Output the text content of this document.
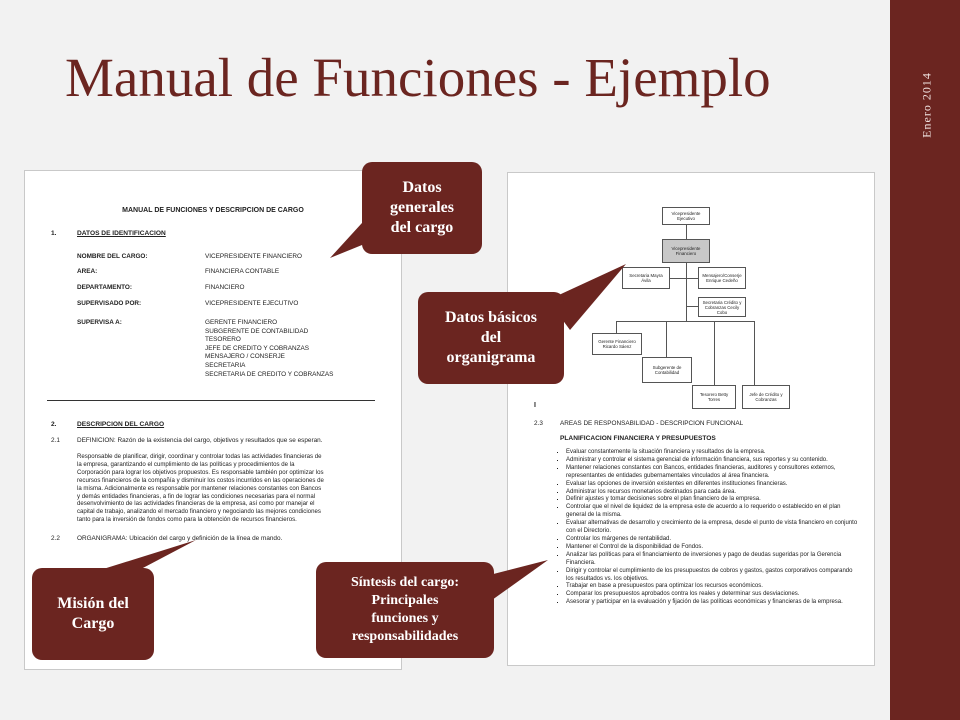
Enero 2014
Manual de Funciones - Ejemplo
MANUAL DE FUNCIONES Y DESCRIPCION DE CARGO
1.	DATOS DE IDENTIFICACION
NOMBRE DEL CARGO:	VICEPRESIDENTE FINANCIERO
AREA:	FINANCIERA CONTABLE
DEPARTAMENTO:	FINANCIERO
SUPERVISADO POR:	VICEPRESIDENTE EJECUTIVO
SUPERVISA A:	GERENTE FINANCIERO
SUBGERENTE DE CONTABILIDAD
TESORERO
JEFE DE CREDITO Y COBRANZAS
MENSAJERO / CONSERJE
SECRETARIA
SECRETARIA DE CREDITO Y COBRANZAS
2.	DESCRIPCION DEL CARGO
2.1	DEFINICION: Razón de la existencia del cargo, objetivos y resultados que se esperan.
Responsable de planificar, dirigir, coordinar y controlar todas las actividades financieras de
la empresa, garantizando el cumplimiento de las políticas y procedimientos de la
Corporación para lograr los objetivos propuestos. Es responsable también por optimizar los
recursos financieros de la compañía y disminuir los costos incurridos en las operaciones de
la misma. Adicionalmente es responsable por mantener relaciones constantes con Bancos
y demás entidades financieras, a fin de lograr las condiciones necesarias para el normal
desenvolvimiento de las actividades financieras de la empresa, así como por manejar el
capital de trabajo, analizando el mercado financiero y negociando las mejores condiciones
tanto para la inversión de fondos como para la obtención de recursos financieros.
2.2	ORGANIGRAMA: Ubicación del cargo y definición de la línea de mando.
Vicepresidente Ejecutivo
Vicepresidente Financiero
Secretaria Mayra Ávila
Mensajero/Conserje Enrique Cedeño
Secretaria Crédito y Cobranzas Cecily Cobo
Gerente Financiero Ricardo Sáenz
Subgerente de Contabilidad
Tesorero Betty Torres
Jefe de Crédito y Cobranzas
I
2.3	AREAS DE RESPONSABILIDAD - DESCRIPCION FUNCIONAL
PLANIFICACION FINANCIERA Y PRESUPUESTOS
▪ Evaluar constantemente la situación financiera y resultados de la empresa.
▪ Administrar y controlar el sistema gerencial de información financiera, sus reportes y su contenido.
▪ Mantener relaciones constantes con Bancos, entidades financieras, auditores y consultores externos, representantes de entidades gubernamentales vinculados al área financiera.
▪ Evaluar las opciones de inversión existentes en diferentes instituciones financieras.
▪ Administrar los recursos monetarios destinados para cada área.
▪ Definir ajustes y tomar decisiones sobre el plan financiero de la empresa.
▪ Controlar que el nivel de liquidez de la empresa este de acuerdo a lo requerido o establecido en el plan general de la misma.
▪ Evaluar alternativas de desarrollo y crecimiento de la empresa, desde el punto de vista financiero en conjunto con el Directorio.
▪ Controlar los márgenes de rentabilidad.
▪ Mantener el Control de la disponibilidad de Fondos.
▪ Analizar las políticas para el financiamiento de inversiones y pago de deudas sugeridas por la Gerencia Financiera.
▪ Dirigir y controlar el cumplimiento de los presupuestos de cobros y gastos, gastos corporativos comparando los resultados vs. los objetivos.
▪ Trabajar en base a presupuestos para optimizar los recursos económicos.
▪ Comparar los presupuestos aprobados contra los reales y determinar sus desviaciones.
▪ Asesorar y participar en la evaluación y fijación de las políticas económicas y financieras de la empresa.
Datos
generales
del cargo
Datos básicos
del
organigrama
Misión del
Cargo
Síntesis del cargo:
Principales
funciones y
responsabilidades
